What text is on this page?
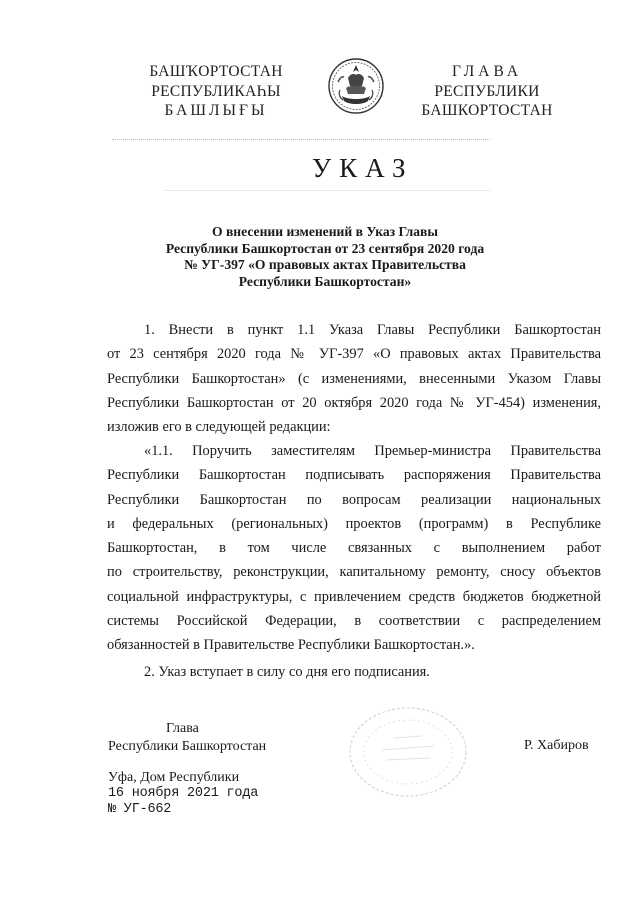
БАШҠОРТОСТАН
РЕСПУБЛИКАҺЫ
БАШЛЫҒЫ
ГЛАВА
РЕСПУБЛИКИ
БАШКОРТОСТАН
УКАЗ
О внесении изменений в Указ Главы
Республики Башкортостан от 23 сентября 2020 года
№ УГ-397 «О правовых актах Правительства
Республики Башкортостан»
1. Внести в пункт 1.1 Указа Главы Республики Башкортостан
от 23 сентября 2020 года № УГ-397 «О правовых актах Правительства
Республики Башкортостан» (с изменениями, внесенными Указом Главы
Республики Башкортостан от 20 октября 2020 года № УГ-454) изменения,
изложив его в следующей редакции:
«1.1. Поручить заместителям Премьер-министра Правительства
Республики Башкортостан подписывать распоряжения Правительства
Республики Башкортостан по вопросам реализации национальных
и федеральных (региональных) проектов (программ) в Республике
Башкортостан, в том числе связанных с выполнением работ
по строительству, реконструкции, капитальному ремонту, сносу объектов
социальной инфраструктуры, с привлечением средств бюджетов бюджетной
системы Российской Федерации, в соответствии с распределением
обязанностей в Правительстве Республики Башкортостан.».
2. Указ вступает в силу со дня его подписания.
Глава
Республики Башкортостан	Р. Хабиров
Уфа, Дом Республики
16 ноября 2021 года
№ УГ-662
